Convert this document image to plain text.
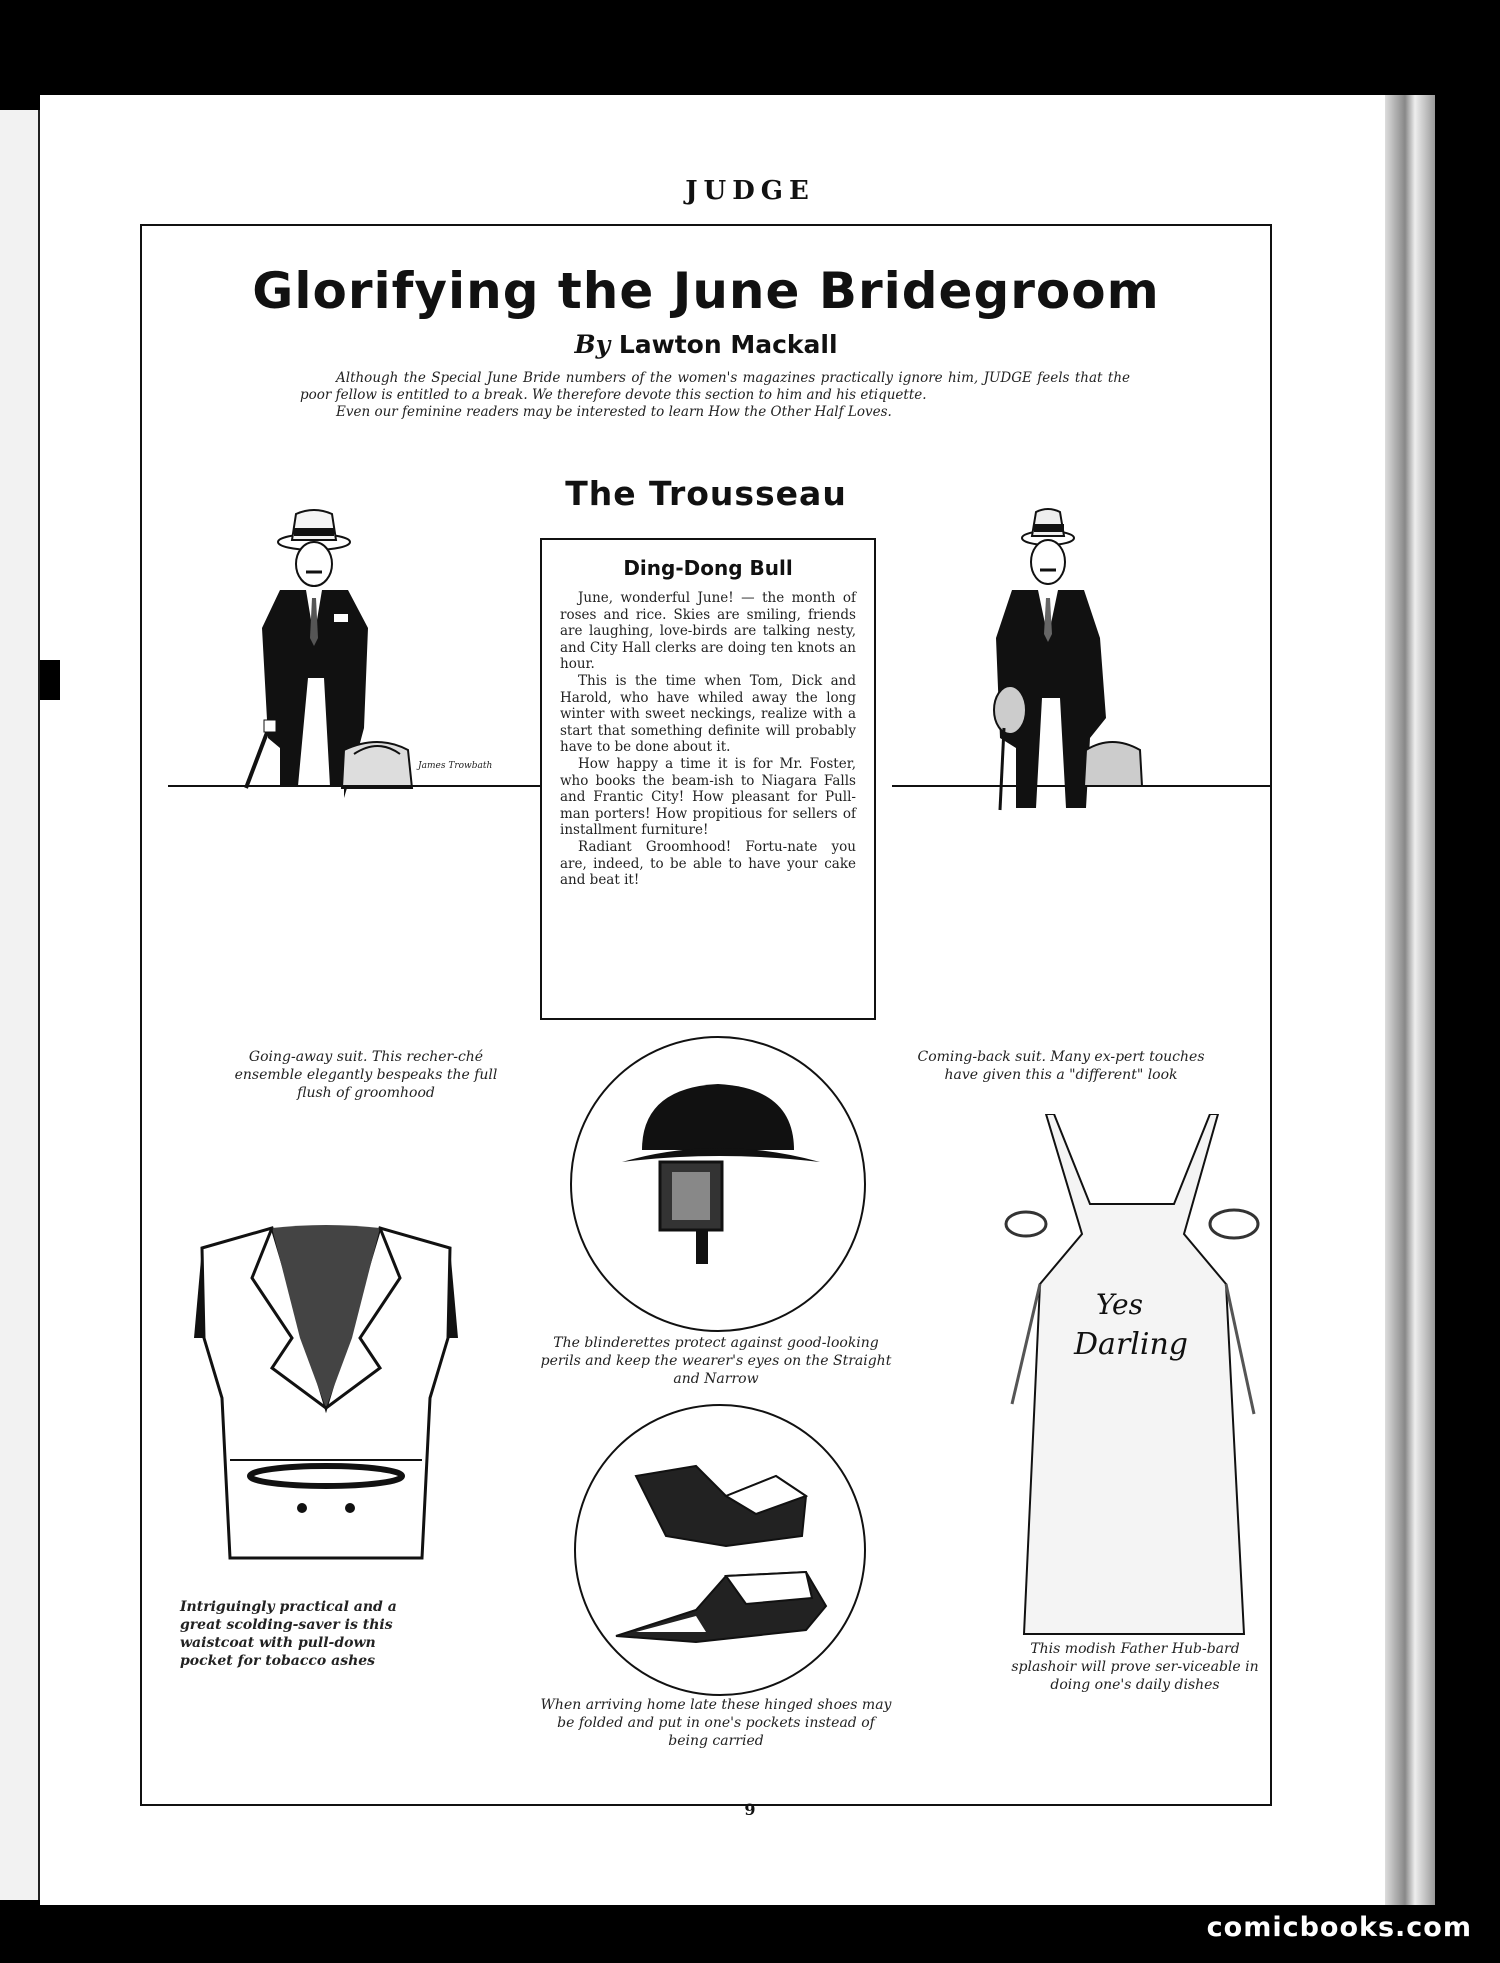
JUDGE
Glorifying the June Bridegroom
By Lawton Mackall

Although the Special June Bride numbers of the women's magazines practically ignore him, JUDGE feels that the poor fellow is entitled to a break. We therefore devote this section to him and his etiquette.

Even our feminine readers may be interested to learn How the Other Half Loves.

The Trousseau
James Trowbath
Ding-Dong Bull

June, wonderful June! — the month of roses and rice. Skies are smiling, friends are laughing, love-birds are talking nesty, and City Hall clerks are doing ten knots an hour.

This is the time when Tom, Dick and Harold, who have whiled away the long winter with sweet neckings, realize with a start that something definite will probably have to be done about it.

How happy a time it is for Mr. Foster, who books the beam-ish to Niagara Falls and Frantic City! How pleasant for Pull-man porters! How propitious for sellers of installment furniture!

Radiant Groomhood! Fortu-nate you are, indeed, to be able to have your cake and beat it!

Going-away suit. This recher-ché ensemble elegantly bespeaks the full flush of groomhood
Coming-back suit. Many ex-pert touches have given this a "different" look
The blinderettes protect against good-looking perils and keep the wearer's eyes on the Straight and Narrow
When arriving home late these hinged shoes may be folded and put in one's pockets instead of being carried
Intriguingly practical and a great scolding-saver is this waistcoat with pull-down pocket for tobacco ashes
Yes
Darling
This modish Father Hub-bard splashoir will prove ser-viceable in doing one's daily dishes
9
comicbooks.com
